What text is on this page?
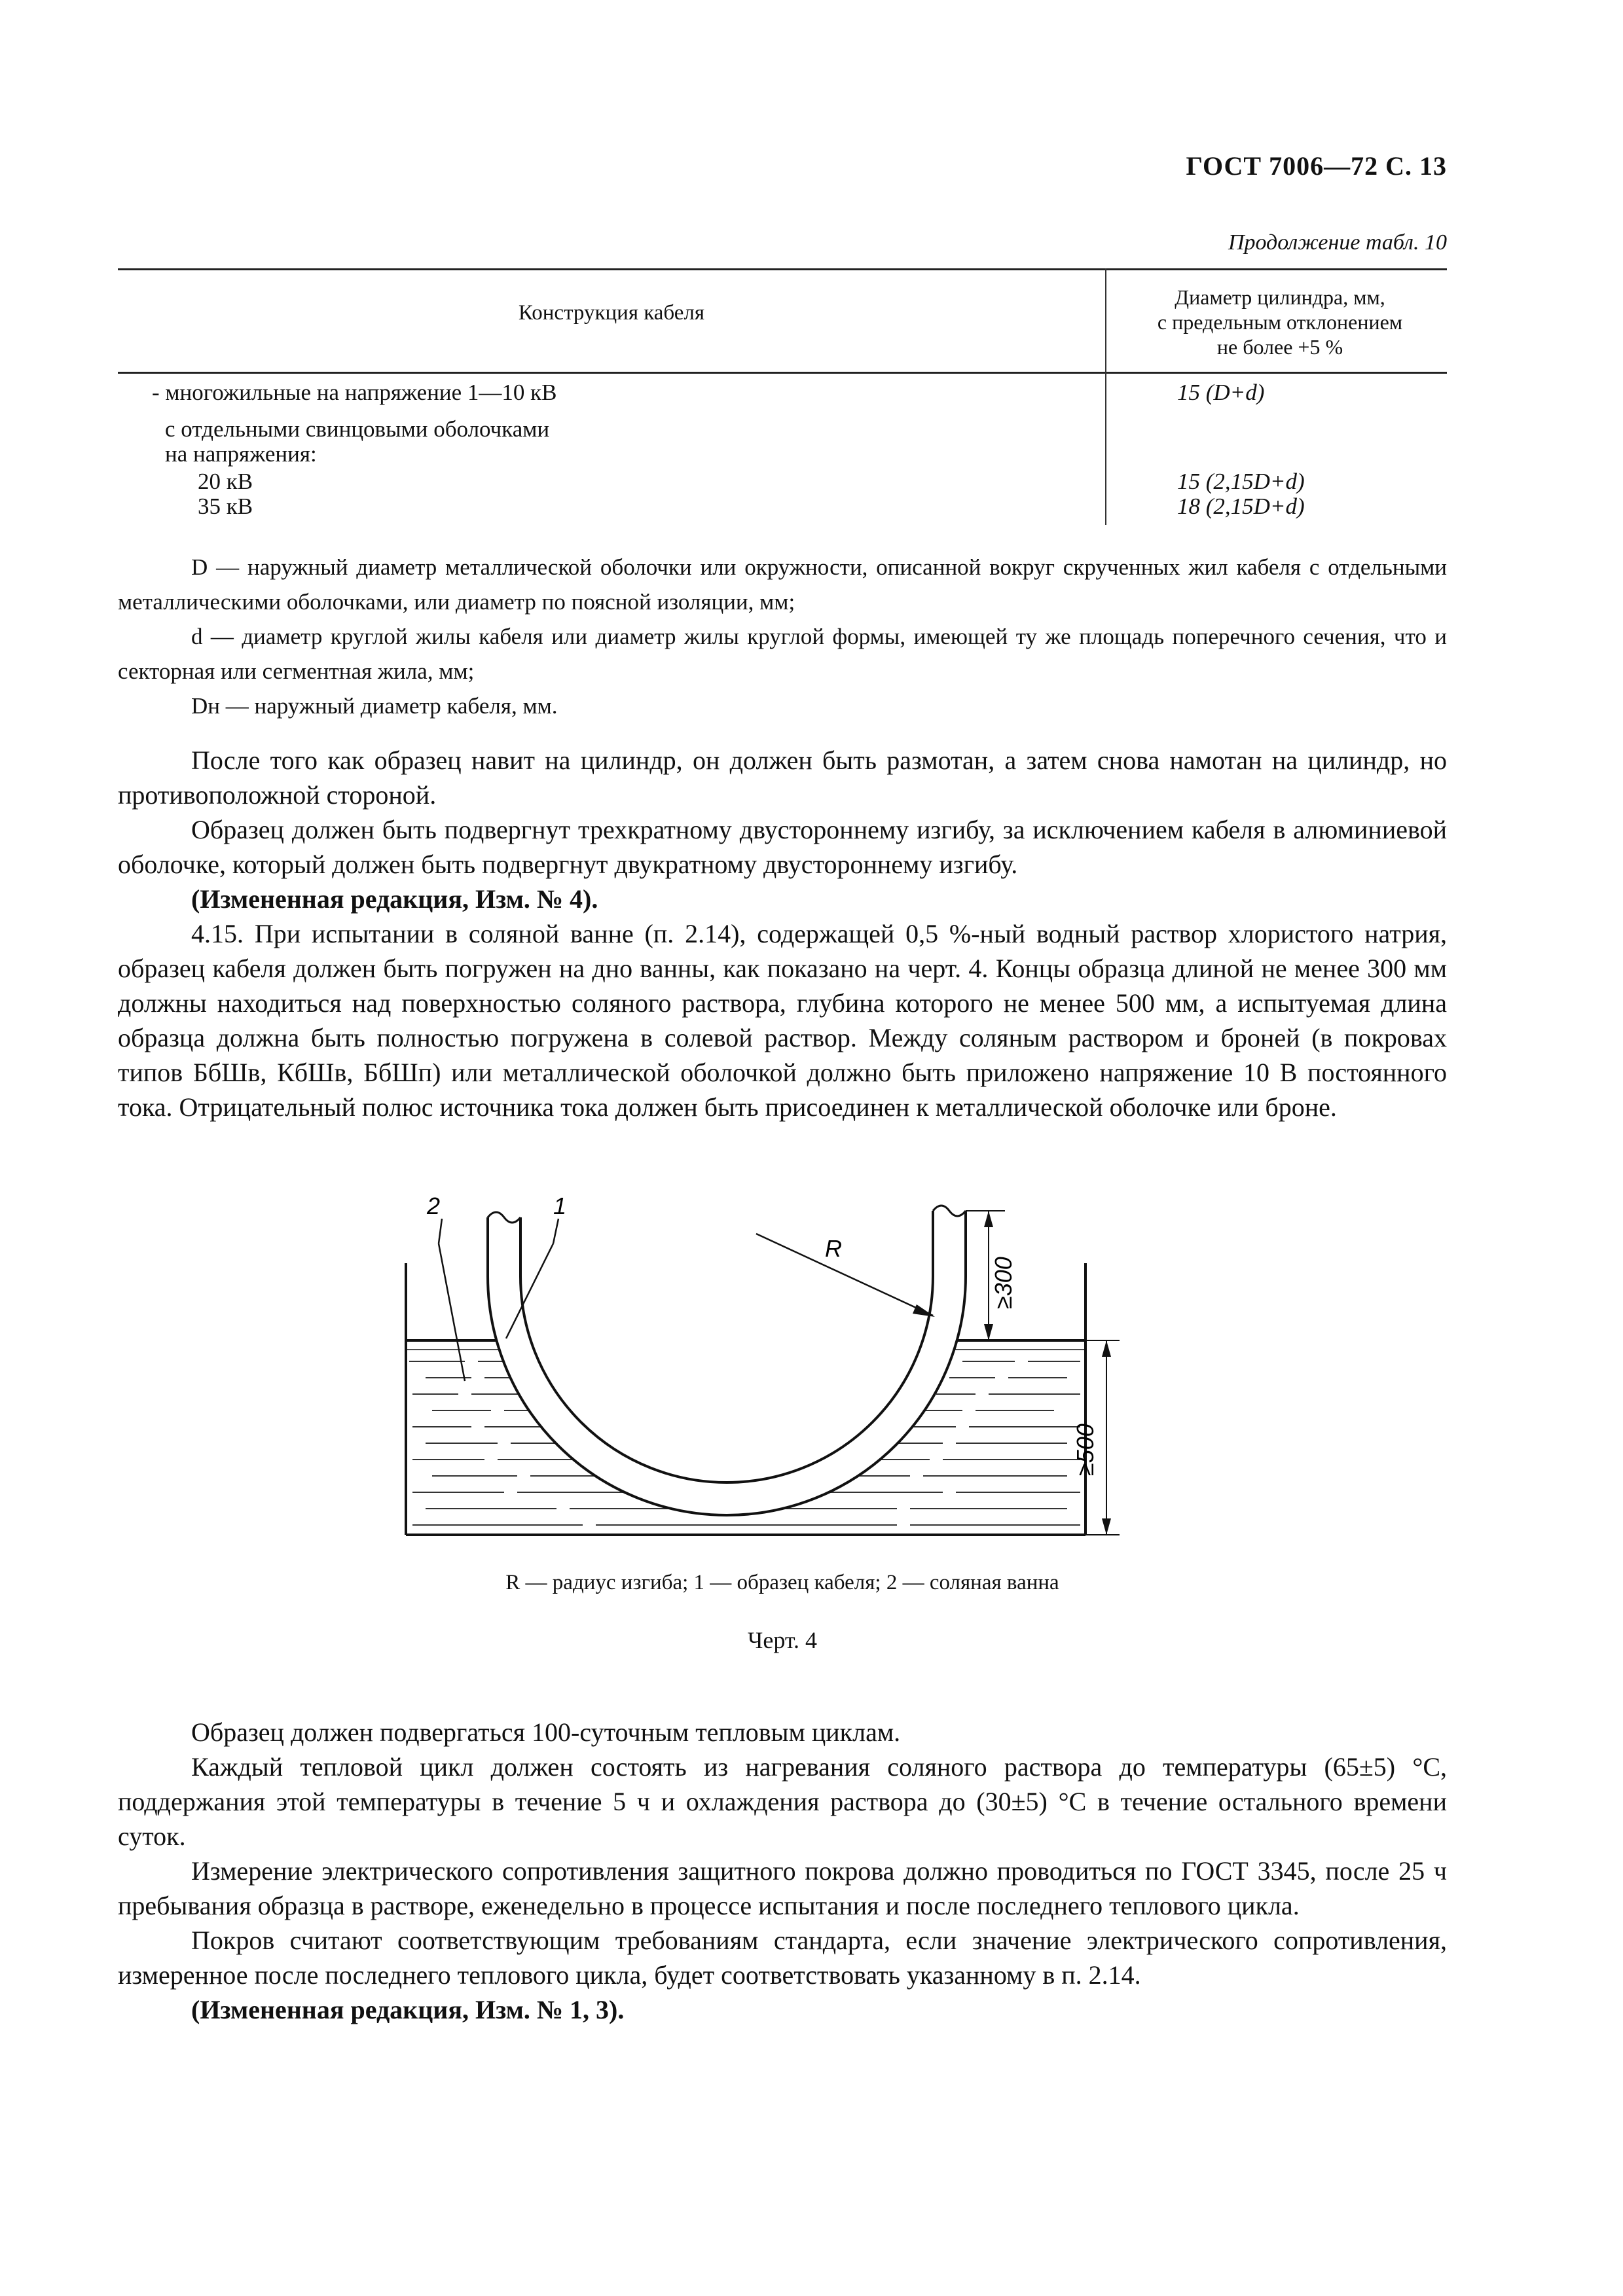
ГОСТ 7006—72 С. 13
Продолжение табл. 10
Конструкция кабеля
Диаметр цилиндра, мм,
с предельным отклонением
не более +5 %
- многожильные на напряжение 1—10 кВ	15 (D+d)
с отдельными свинцовыми оболочками
на напряжения:
20 кВ	15 (2,15D+d)
35 кВ	18 (2,15D+d)

D — наружный диаметр металлической оболочки или окружности, описанной вокруг скрученных жил кабеля с отдельными металлическими оболочками, или диаметр по поясной изоляции, мм;

d — диаметр круглой жилы кабеля или диаметр жилы круглой формы, имеющей ту же площадь поперечного сечения, что и секторная или сегментная жила, мм;

Dн — наружный диаметр кабеля, мм.

После того как образец навит на цилиндр, он должен быть размотан, а затем снова намотан на цилиндр, но противоположной стороной.

Образец должен быть подвергнут трехкратному двустороннему изгибу, за исключением кабеля в алюминиевой оболочке, который должен быть подвергнут двукратному двустороннему изгибу.

(Измененная редакция, Изм. № 4).

4.15. При испытании в соляной ванне (п. 2.14), содержащей 0,5 %-ный водный раствор хлористого натрия, образец кабеля должен быть погружен на дно ванны, как показано на черт. 4. Концы образца длиной не менее 300 мм должны находиться над поверхностью соляного раствора, глубина которого не менее 500 мм, а испытуемая длина образца должна быть полностью погружена в солевой раствор. Между соляным раствором и броней (в покровах типов БбШв, КбШв, БбШп) или металлической оболочкой должно быть приложено напряжение 10 В постоянного тока. Отрицательный полюс источника тока должен быть присоединен к металлической оболочке или броне.

2	1
R
≥300
≥500
R — радиус изгиба; 1 — образец кабеля; 2 — соляная ванна
Черт. 4

Образец должен подвергаться 100-суточным тепловым циклам.

Каждый тепловой цикл должен состоять из нагревания соляного раствора до температуры (65±5) °С, поддержания этой температуры в течение 5 ч и охлаждения раствора до (30±5) °С в течение остального времени суток.

Измерение электрического сопротивления защитного покрова должно проводиться по ГОСТ 3345, после 25 ч пребывания образца в растворе, еженедельно в процессе испытания и после последнего теплового цикла.

Покров считают соответствующим требованиям стандарта, если значение электрического сопротивления, измеренное после последнего теплового цикла, будет соответствовать указанному в п. 2.14.

(Измененная редакция, Изм. № 1, 3).
